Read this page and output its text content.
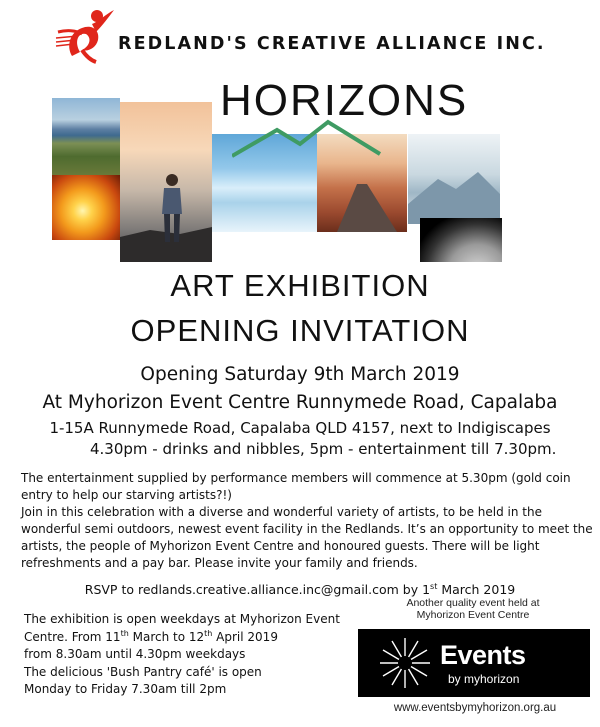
REDLAND'S CREATIVE ALLIANCE INC.
HORIZONS
ART EXHIBITION
OPENING INVITATION
Opening Saturday 9th March 2019
At Myhorizon Event Centre Runnymede Road, Capalaba
1-15A Runnymede Road, Capalaba QLD 4157, next to Indigiscapes
4.30pm - drinks and nibbles, 5pm - entertainment till 7.30pm.

The entertainment supplied by performance members will commence at 5.30pm (gold coin entry to help our starving artists?!)

Join in this celebration with a diverse and wonderful variety of artists, to be held in the wonderful semi outdoors, newest event facility in the Redlands. It’s an opportunity to meet the artists, the people of Myhorizon Event Centre and honoured guests. There will be light refreshments and a pay bar. Please invite your family and friends.

RSVP to redlands.creative.alliance.inc@gmail.com by 1st March 2019
The exhibition is open weekdays at Myhorizon Event
Centre. From 11th March to 12th April 2019
from 8.30am until 4.30pm weekdays
The delicious 'Bush Pantry café' is open
Monday to Friday 7.30am till 2pm
Another quality event held at
Myhorizon Event Centre
Events
by myhorizon
www.eventsbymyhorizon.org.au
